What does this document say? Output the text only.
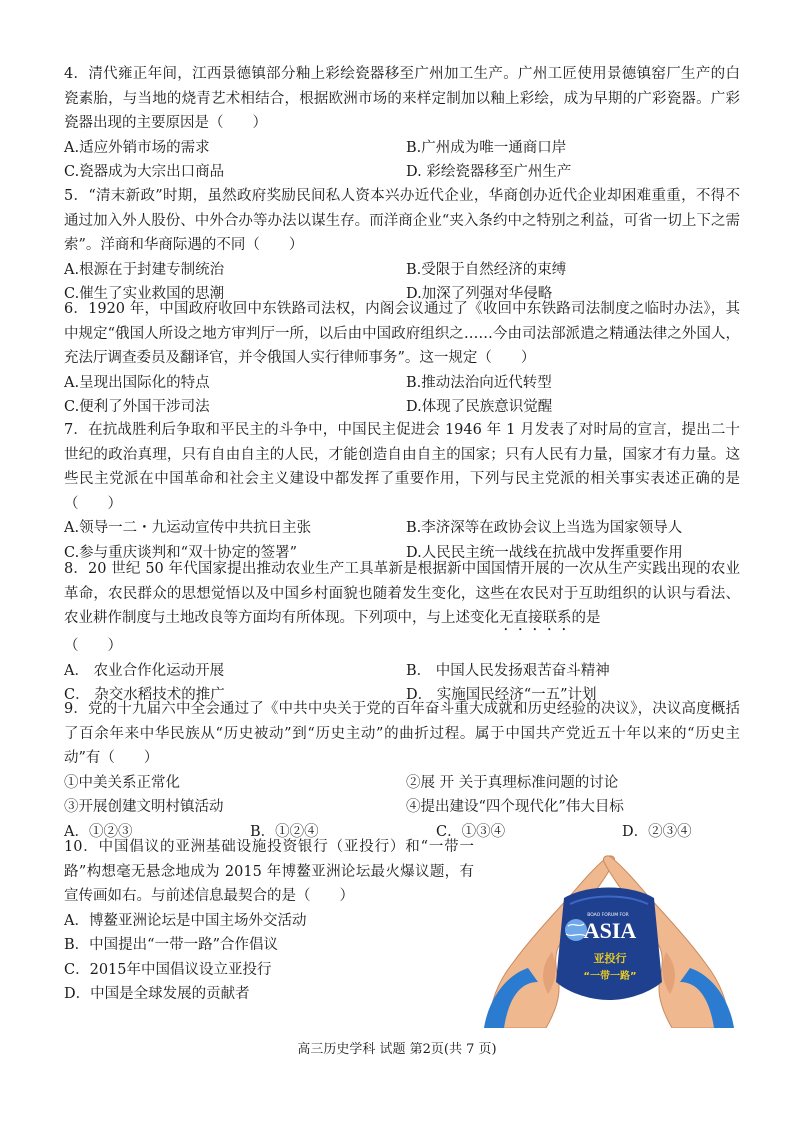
4．清代雍正年间，江西景德镇部分釉上彩绘瓷器移至广州加工生产。广州工匠使用景德镇窑厂生产的白瓷素胎，与当地的烧青艺术相结合，根据欧洲市场的来样定制加以釉上彩绘，成为早期的广彩瓷器。广彩瓷器出现的主要原因是（　　）

A.适应外销市场的需求	B.广州成为唯一通商口岸
C.瓷器成为大宗出口商品	D. 彩绘瓷器移至广州生产

5．“清末新政”时期，虽然政府奖励民间私人资本兴办近代企业，华商创办近代企业却困难重重，不得不通过加入外人股份、中外合办等办法以谋生存。而洋商企业“夹入条约中之特别之利益，可省一切上下之需索”。洋商和华商际遇的不同（　　）

A.根源在于封建专制统治	B.受限于自然经济的束缚
C.催生了实业救国的思潮	D.加深了列强对华侵略

6．1920 年，中国政府收回中东铁路司法权，内阁会议通过了《收回中东铁路司法制度之临时办法》，其中规定“俄国人所设之地方审判厅一所，以后由中国政府组织之……今由司法部派遣之精通法律之外国人，充法厅调查委员及翻译官，并令俄国人实行律师事务”。这一规定（　　）

A.呈现出国际化的特点	B.推动法治向近代转型
C.便利了外国干涉司法	D.体现了民族意识觉醒

7．在抗战胜利后争取和平民主的斗争中，中国民主促进会 1946 年 1 月发表了对时局的宣言，提出二十世纪的政治真理，只有自由自主的人民，才能创造自由自主的国家；只有人民有力量，国家才有力量。这些民主党派在中国革命和社会主义建设中都发挥了重要作用，下列与民主党派的相关事实表述正确的是（　　）

A.领导一二・九运动宣传中共抗日主张	B.李济深等在政协会议上当选为国家领导人
C.参与重庆谈判和“双十协定的签署”	D.人民民主统一战线在抗战中发挥重要作用

8．20 世纪 50 年代国家提出推动农业生产工具革新是根据新中国国情开展的一次从生产实践出现的农业革命，农民群众的思想觉悟以及中国乡村面貌也随着发生变化，这些在农民对于互助组织的认识与看法、农业耕作制度与土地改良等方面均有所体现。下列项中，与上述变化无直接联系的是
（　　）

A． 农业合作化运动开展	B． 中国人民发扬艰苦奋斗精神
C． 杂交水稻技术的推广	D． 实施国民经济“一五”计划

9．党的十九届六中全会通过了《中共中央关于党的百年奋斗重大成就和历史经验的决议》，决议高度概括了百余年来中华民族从“历史被动”到“历史主动”的曲折过程。属于中国共产党近五十年以来的“历史主动”有（　　）

①中美关系正常化	②展 开 关于真理标准问题的讨论
③开展创建文明村镇活动	④提出建设“四个现代化”伟大目标
A．①②③	B．①②④	C．①③④	D．②③④

10．中国倡议的亚洲基础设施投资银行（亚投行）和“一带一路”构想毫无悬念地成为 2015 年博鳌亚洲论坛最火爆议题，有宣传画如右。与前述信息最契合的是（　　）

A．博鳌亚洲论坛是中国主场外交活动
B．中国提出“一带一路”合作倡议
C．2015年中国倡议设立亚投行
D．中国是全球发展的贡献者
BOAO FORUM FOR
ASIA
亚投行
“一带一路”
高三历史学科 试题 第2页(共 7 页)
